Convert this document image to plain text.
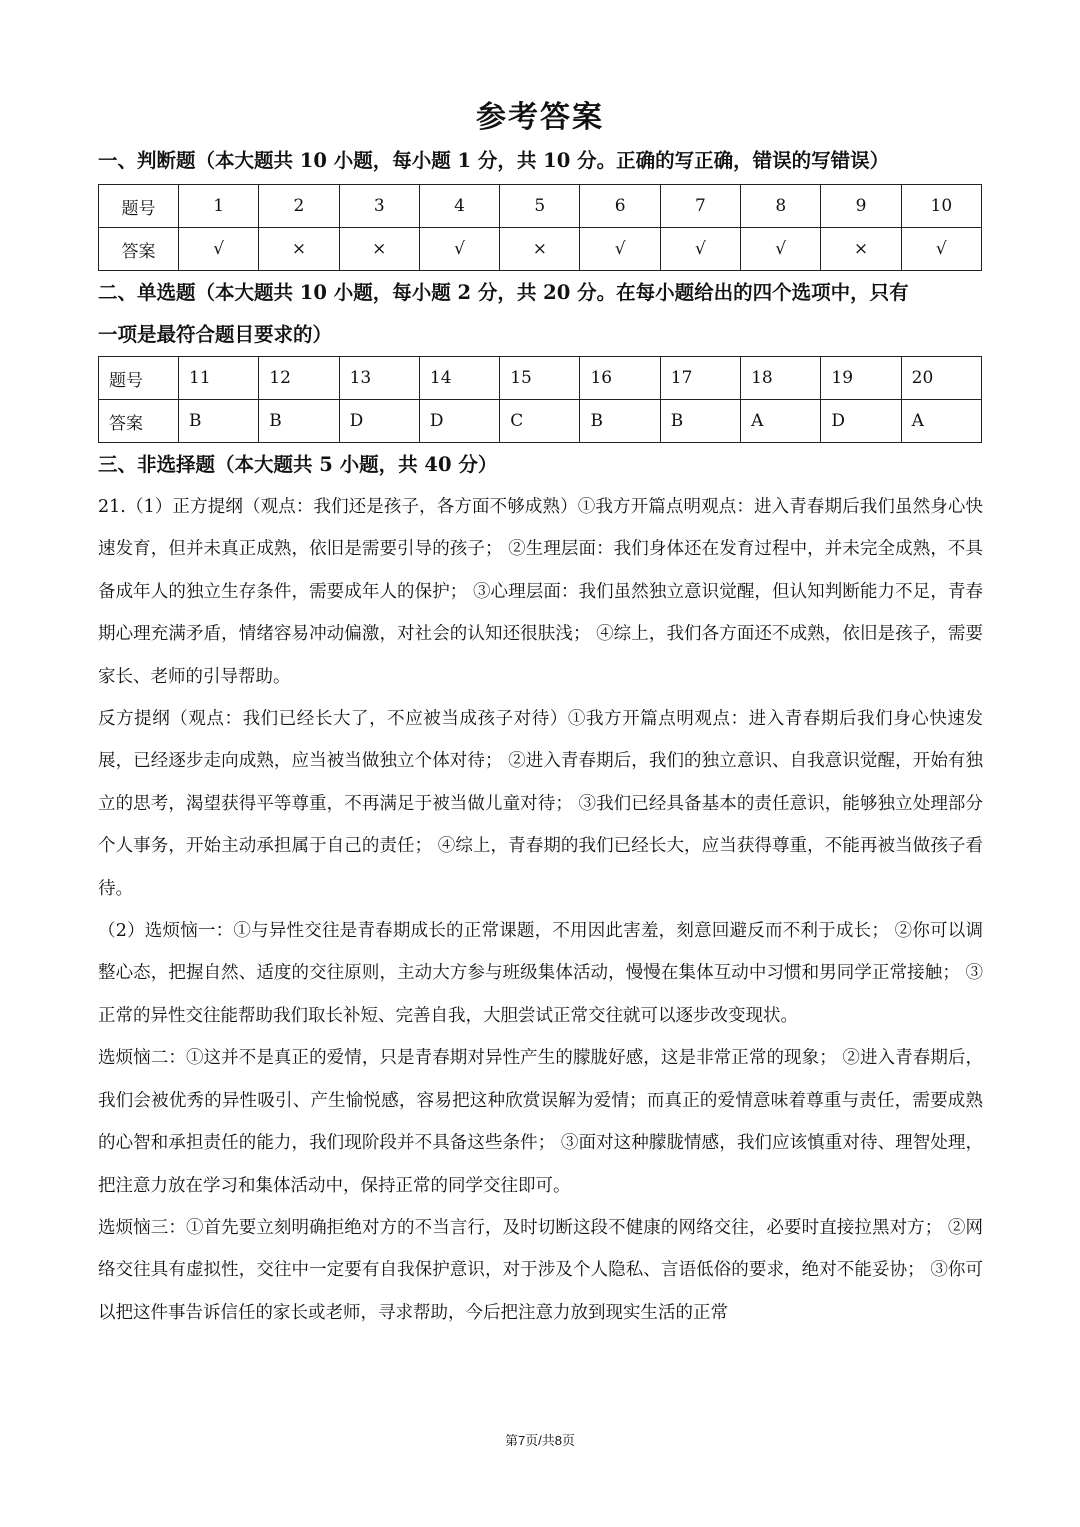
参考答案
一、判断题（本大题共 10 小题，每小题 1 分，共 10 分。正确的写正确，错误的写错误）
题号	1	2	3	4	5	6	7	8	9	10
答案	√	×	×	√	×	√	√	√	×	√
二、单选题（本大题共 10 小题，每小题 2 分，共 20 分。在每小题给出的四个选项中，只有
一项是最符合题目要求的）
题号	11	12	13	14	15	16	17	18	19	20
答案	B	B	D	D	C	B	B	A	D	A
三、非选择题（本大题共 5 小题，共 40 分）

21.（1）正方提纲（观点：我们还是孩子，各方面不够成熟）①我方开篇点明观点：进入青春期后我们虽然身心快速发育，但并未真正成熟，依旧是需要引导的孩子； ②生理层面：我们身体还在发育过程中，并未完全成熟，不具备成年人的独立生存条件，需要成年人的保护； ③心理层面：我们虽然独立意识觉醒，但认知判断能力不足，青春期心理充满矛盾，情绪容易冲动偏激，对社会的认知还很肤浅； ④综上，我们各方面还不成熟，依旧是孩子，需要家长、老师的引导帮助。

反方提纲（观点：我们已经长大了，不应被当成孩子对待）①我方开篇点明观点：进入青春期后我们身心快速发展，已经逐步走向成熟，应当被当做独立个体对待； ②进入青春期后，我们的独立意识、自我意识觉醒，开始有独立的思考，渴望获得平等尊重，不再满足于被当做儿童对待； ③我们已经具备基本的责任意识，能够独立处理部分个人事务，开始主动承担属于自己的责任； ④综上，青春期的我们已经长大，应当获得尊重，不能再被当做孩子看待。

（2）选烦恼一：①与异性交往是青春期成长的正常课题，不用因此害羞，刻意回避反而不利于成长； ②你可以调整心态，把握自然、适度的交往原则，主动大方参与班级集体活动，慢慢在集体互动中习惯和男同学正常接触； ③正常的异性交往能帮助我们取长补短、完善自我，大胆尝试正常交往就可以逐步改变现状。

选烦恼二：①这并不是真正的爱情，只是青春期对异性产生的朦胧好感，这是非常正常的现象； ②进入青春期后，我们会被优秀的异性吸引、产生愉悦感，容易把这种欣赏误解为爱情；而真正的爱情意味着尊重与责任，需要成熟的心智和承担责任的能力，我们现阶段并不具备这些条件； ③面对这种朦胧情感，我们应该慎重对待、理智处理，把注意力放在学习和集体活动中，保持正常的同学交往即可。

选烦恼三：①首先要立刻明确拒绝对方的不当言行，及时切断这段不健康的网络交往，必要时直接拉黑对方； ②网络交往具有虚拟性，交往中一定要有自我保护意识，对于涉及个人隐私、言语低俗的要求，绝对不能妥协； ③你可以把这件事告诉信任的家长或老师，寻求帮助，今后把注意力放到现实生活的正常

第7页/共8页
